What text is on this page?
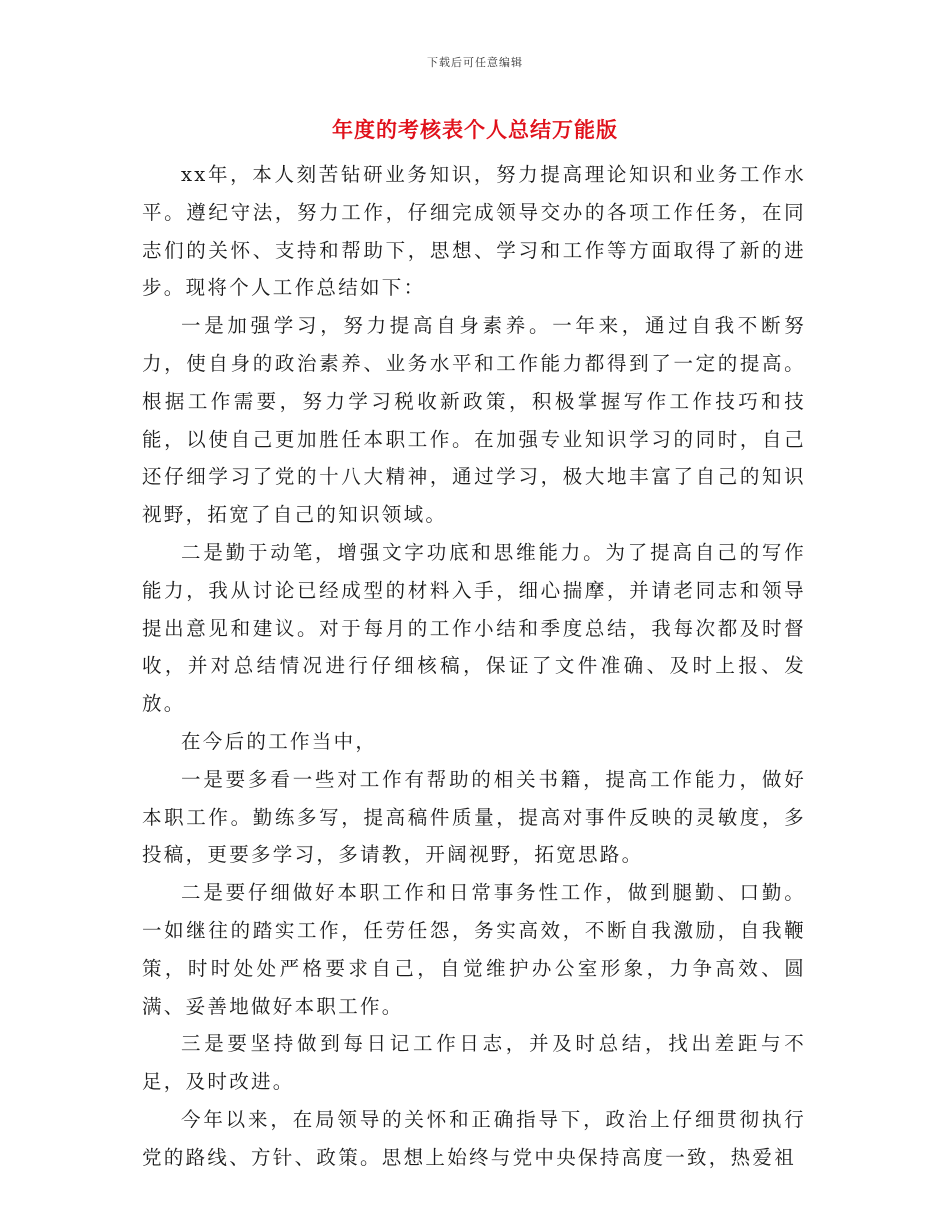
下载后可任意编辑
年度的考核表个人总结万能版

xx年，本人刻苦钻研业务知识，努力提高理论知识和业务工作水平。遵纪守法，努力工作，仔细完成领导交办的各项工作任务，在同志们的关怀、支持和帮助下，思想、学习和工作等方面取得了新的进步。现将个人工作总结如下：

一是加强学习，努力提高自身素养。一年来，通过自我不断努力，使自身的政治素养、业务水平和工作能力都得到了一定的提高。根据工作需要，努力学习税收新政策，积极掌握写作工作技巧和技能，以使自己更加胜任本职工作。在加强专业知识学习的同时，自己还仔细学习了党的十八大精神，通过学习，极大地丰富了自己的知识视野，拓宽了自己的知识领域。

二是勤于动笔，增强文字功底和思维能力。为了提高自己的写作能力，我从讨论已经成型的材料入手，细心揣摩，并请老同志和领导提出意见和建议。对于每月的工作小结和季度总结，我每次都及时督收，并对总结情况进行仔细核稿，保证了文件准确、及时上报、发放。

在今后的工作当中，

一是要多看一些对工作有帮助的相关书籍，提高工作能力，做好本职工作。勤练多写，提高稿件质量，提高对事件反映的灵敏度，多投稿，更要多学习，多请教，开阔视野，拓宽思路。

二是要仔细做好本职工作和日常事务性工作，做到腿勤、口勤。一如继往的踏实工作，任劳任怨，务实高效，不断自我激励，自我鞭策，时时处处严格要求自己，自觉维护办公室形象，力争高效、圆满、妥善地做好本职工作。

三是要坚持做到每日记工作日志，并及时总结，找出差距与不足，及时改进。

今年以来，在局领导的关怀和正确指导下，政治上仔细贯彻执行党的路线、方针、政策。思想上始终与党中央保持高度一致，热爱祖
